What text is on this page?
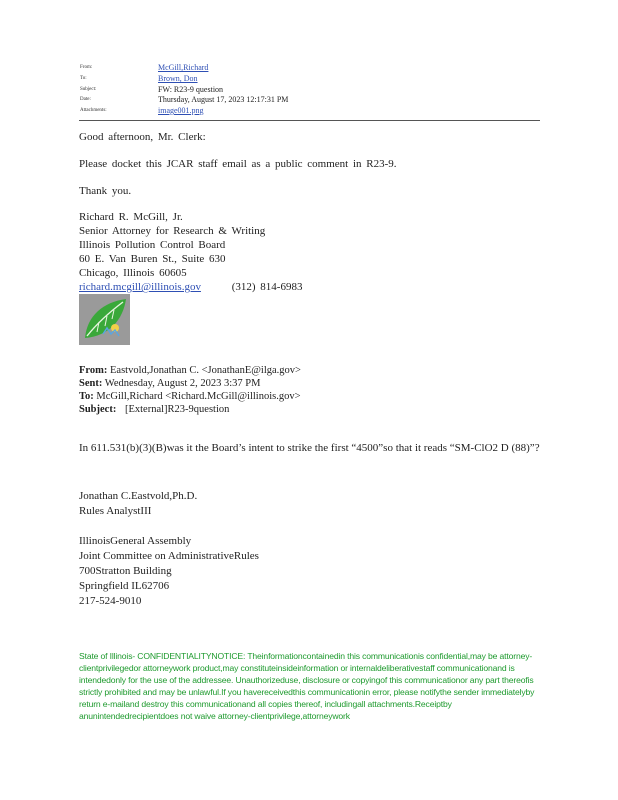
From:	McGill,Richard
To:	Brown, Don
Subject:	FW: R23-9 question
Date:	Thursday, August 17, 2023 12:17:31 PM
Attachments:	image001.png
Good afternoon, Mr. Clerk:
Please docket this JCAR staff email as a public comment in R23-9.
Thank you.
Richard R. McGill, Jr.
Senior Attorney for Research & Writing
Illinois Pollution Control Board
60 E. Van Buren St., Suite 630
Chicago, Illinois 60605
richard.mcgill@illinois.gov	(312) 814-6983
From: Eastvold,Jonathan C. <JonathanE@ilga.gov>
Sent: Wednesday, August 2, 2023 3:37 PM
To: McGill,Richard <Richard.McGill@illinois.gov>
Subject: [External]R23-9question
In 611.531(b)(3)(B)was it the Board’s intent to strike the first “4500”so that it reads “SM-ClO2 D (88)”?
Jonathan C.Eastvold,Ph.D.
Rules AnalystIII
IllinoisGeneral Assembly
Joint Committee on AdministrativeRules
700Stratton Building
Springfield IL62706
217-524-9010
State of Illinois- CONFIDENTIALITYNOTICE: Theinformationcontainedin this communicationis confidential,may be attorney-clientprivilegedor attorneywork product,may constituteinsideinformation or internaldeliberativestaff communicationand is intendedonly for the use of the addressee. Unauthorizeduse, disclosure or copyingof this communicationor any part thereofis strictly prohibited and may be unlawful.If you havereceivedthis communicationin error, please notifythe sender immediatelyby return e-mailand destroy this communicationand all copies thereof, includingall attachments.Receiptby anunintendedrecipientdoes not waive attorney-clientprivilege,attorneywork
